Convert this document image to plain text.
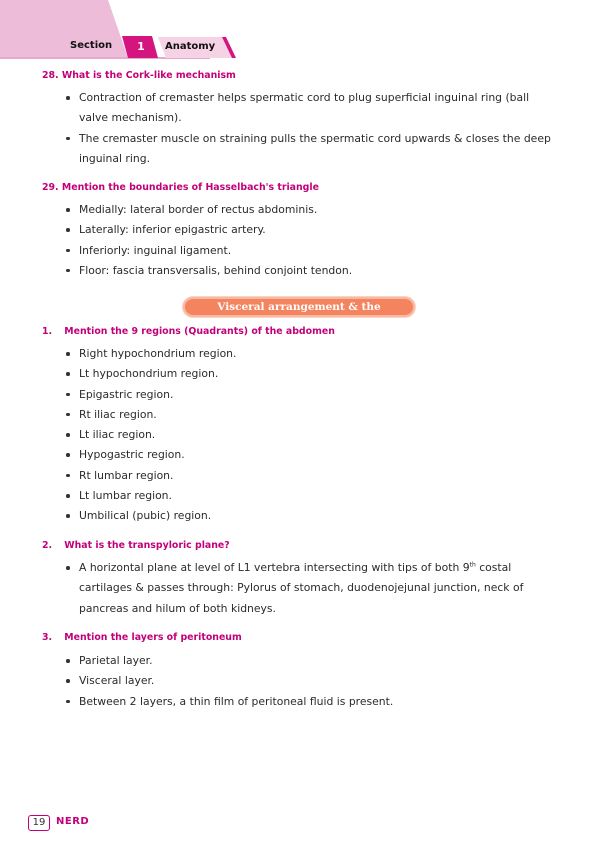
Section	1	Anatomy
28. What is the Cork-like mechanism
Contraction of cremaster helps spermatic cord to plug superficial inguinal ring (ball valve mechanism).
The cremaster muscle on straining pulls the spermatic cord upwards & closes the deep inguinal ring.
29. Mention the boundaries of Hasselbach's triangle
Medially: lateral border of rectus abdominis.
Laterally: inferior epigastric artery.
Inferiorly: inguinal ligament.
Floor: fascia transversalis, behind conjoint tendon.
Visceral arrangement & the peritoneum
1. Mention the 9 regions (Quadrants) of the abdomen
Right hypochondrium region.
Lt hypochondrium region.
Epigastric region.
Rt iliac region.
Lt iliac region.
Hypogastric region.
Rt lumbar region.
Lt lumbar region.
Umbilical (pubic) region.
2. What is the transpyloric plane?
A horizontal plane at level of L1 vertebra intersecting with tips of both 9th costal cartilages & passes through: Pylorus of stomach, duodenojejunal junction, neck of pancreas and hilum of both kidneys.
3. Mention the layers of peritoneum
Parietal layer.
Visceral layer.
Between 2 layers, a thin film of peritoneal fluid is present.
19	NERD
